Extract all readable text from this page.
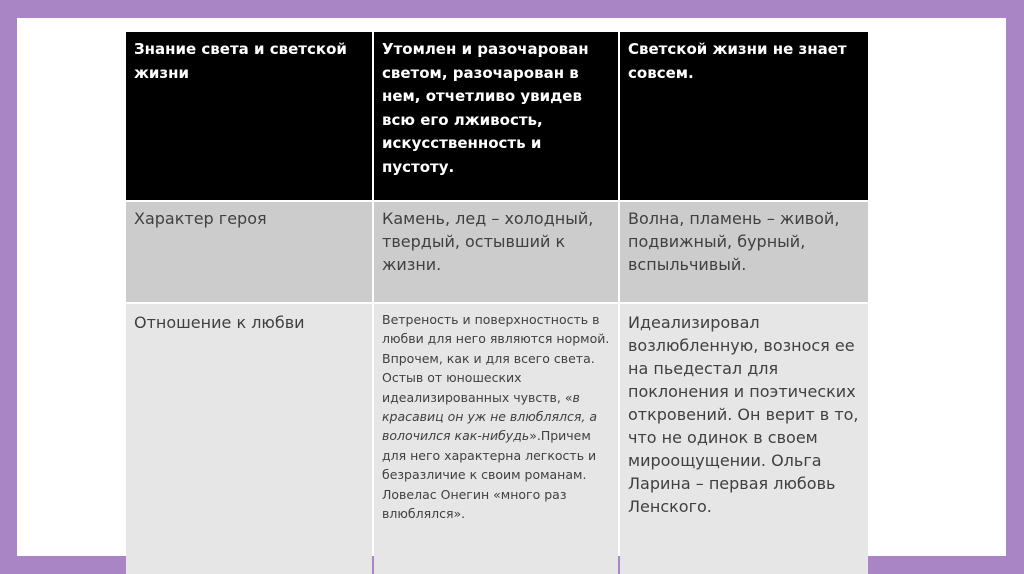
Знание света и светской жизни
Утомлен и разочарован светом, разочарован в нем, отчетливо увидев всю его лживость, искусственность и пустоту.
Светской жизни не знает совсем.
Характер героя	Камень, лед – холодный, твердый, остывший к жизни.
Волна, пламень – живой, подвижный, бурный, вспыльчивый.
Отношение к любви	Ветреность и поверхностность в любви для него являются нормой. Впрочем, как и для всего света. Остыв от юношеских идеализированных чувств, «в красавиц он уж не влюблялся, а волочился как-нибудь».Причем для него характерна легкость и безразличие к своим романам. Ловелас Онегин «много раз влюблялся».
Идеализировал возлюбленную, вознося ее на пьедестал для поклонения и поэтических откровений. Он верит в то, что не одинок в своем мироощущении. Ольга Ларина – первая любовь Ленского.
